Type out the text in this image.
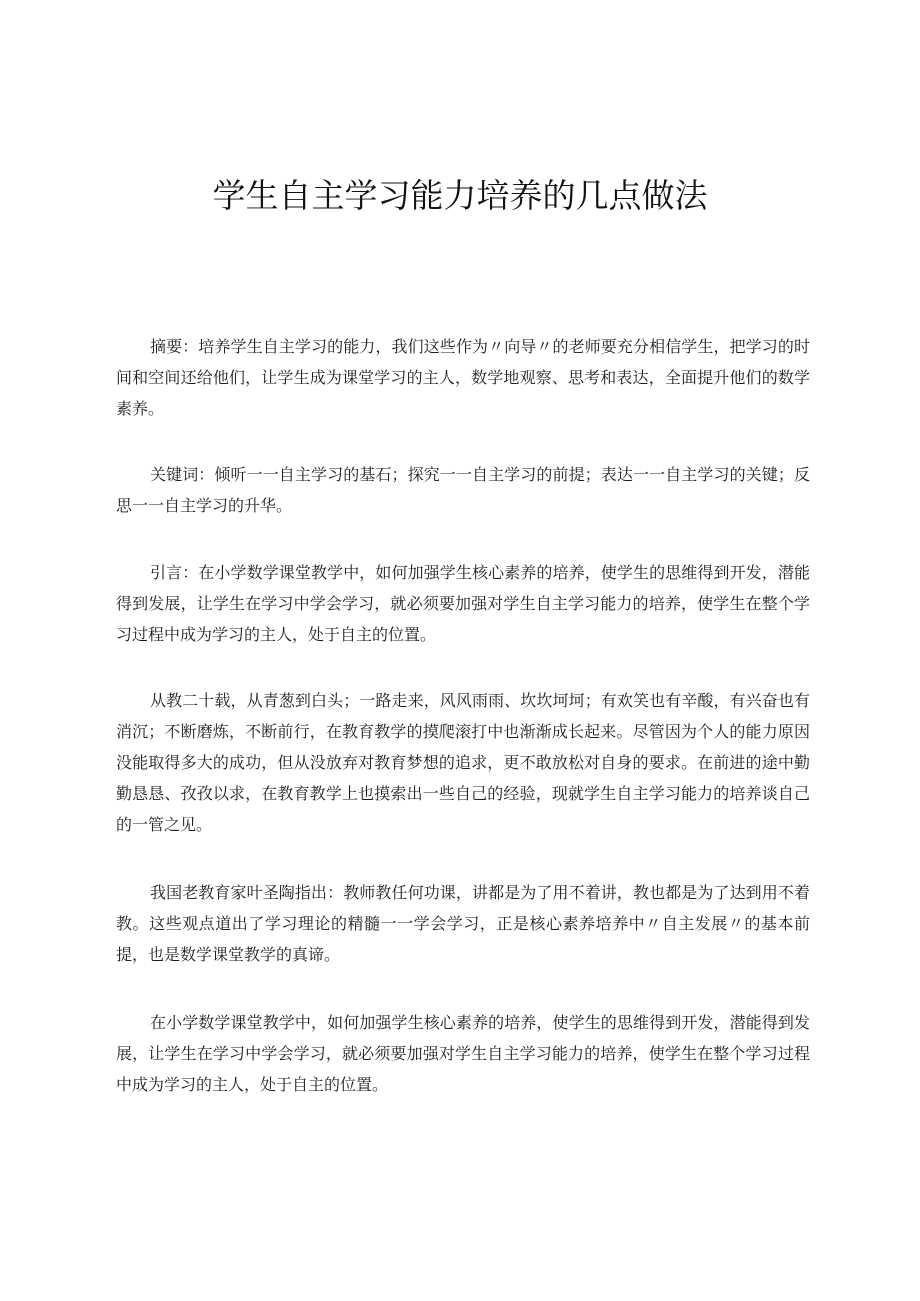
学生自主学习能力培养的几点做法

摘要：培养学生自主学习的能力，我们这些作为〃向导〃的老师要充分相信学生，把学习的时间和空间还给他们，让学生成为课堂学习的主人，数学地观察、思考和表达，全面提升他们的数学素养。

关键词：倾听一一自主学习的基石；探究一一自主学习的前提；表达一一自主学习的关键；反思一一自主学习的升华。

引言：在小学数学课堂教学中，如何加强学生核心素养的培养，使学生的思维得到开发，潜能得到发展，让学生在学习中学会学习，就必须要加强对学生自主学习能力的培养，使学生在整个学习过程中成为学习的主人，处于自主的位置。

从教二十载，从青葱到白头；一路走来，风风雨雨、坎坎坷坷；有欢笑也有辛酸，有兴奋也有消沉；不断磨炼，不断前行，在教育教学的摸爬滚打中也渐渐成长起来。尽管因为个人的能力原因没能取得多大的成功，但从没放弃对教育梦想的追求，更不敢放松对自身的要求。在前进的途中勤勤恳恳、孜孜以求，在教育教学上也摸索出一些自己的经验，现就学生自主学习能力的培养谈自己的一管之见。

我国老教育家叶圣陶指出：教师教任何功课，讲都是为了用不着讲，教也都是为了达到用不着教。这些观点道出了学习理论的精髓一一学会学习，正是核心素养培养中〃自主发展〃的基本前提，也是数学课堂教学的真谛。

在小学数学课堂教学中，如何加强学生核心素养的培养，使学生的思维得到开发，潜能得到发展，让学生在学习中学会学习，就必须要加强对学生自主学习能力的培养，使学生在整个学习过程中成为学习的主人，处于自主的位置。
